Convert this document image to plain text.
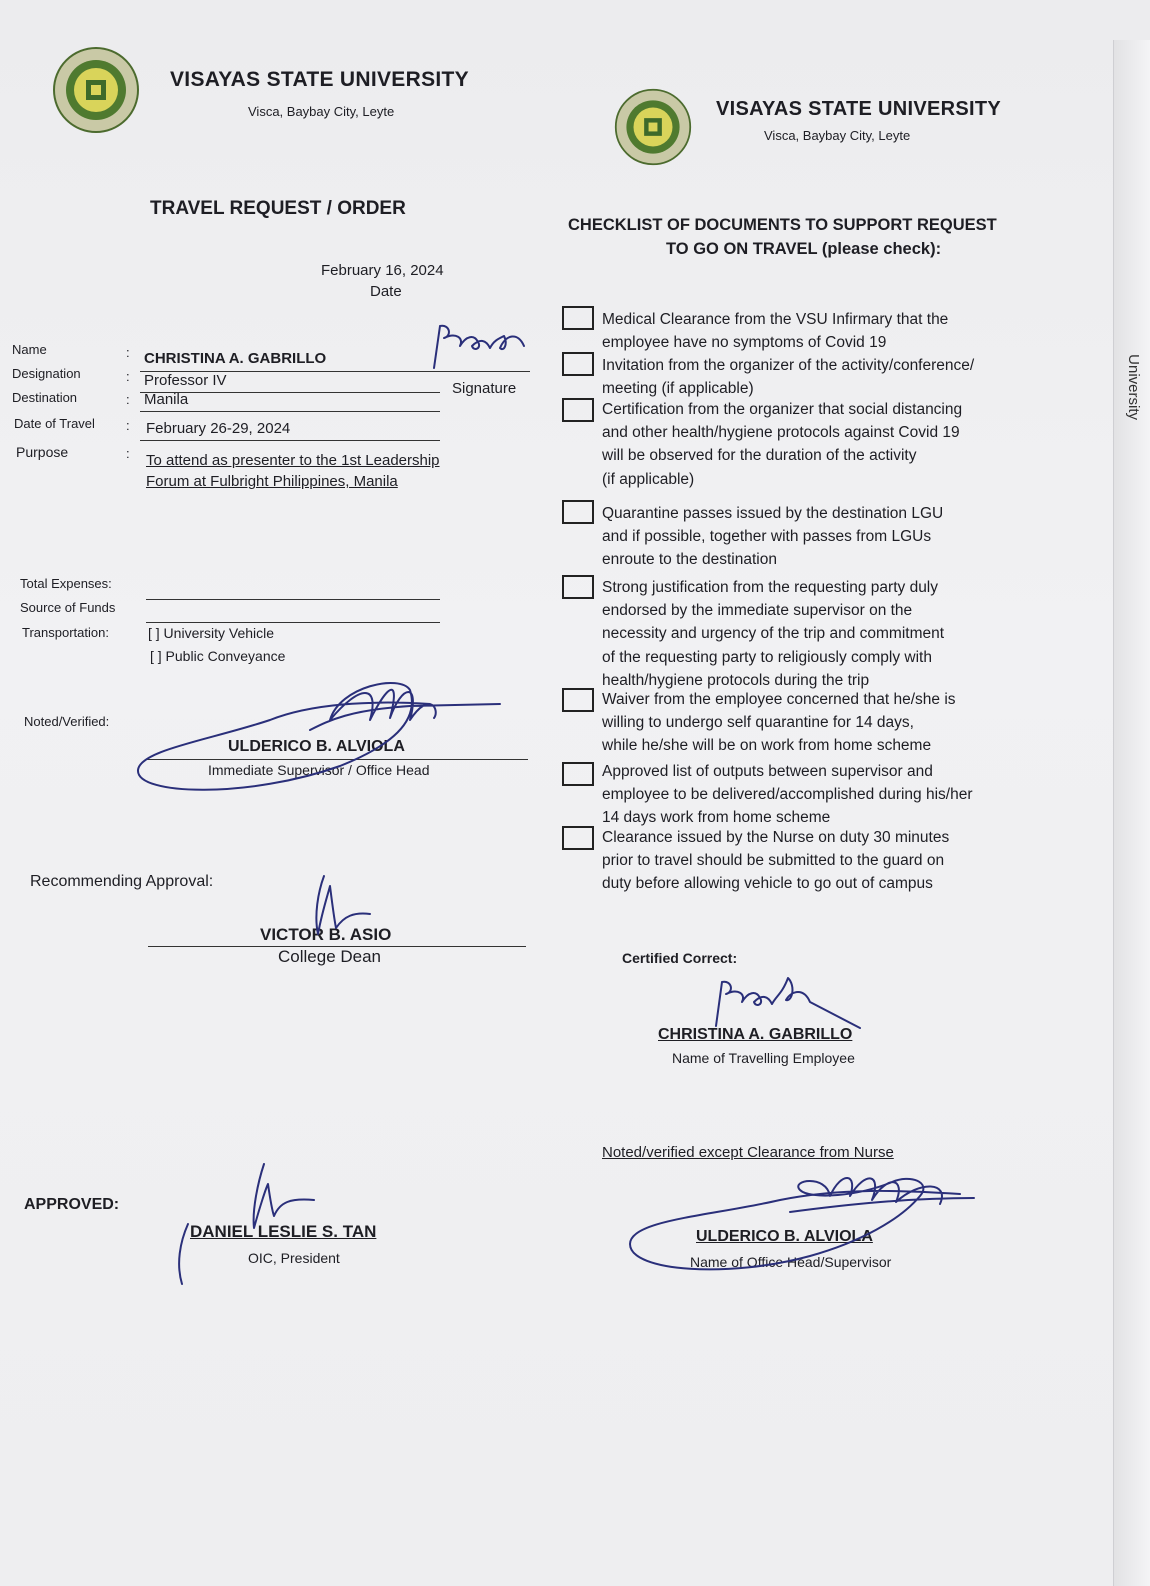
University
VISAYAS STATE UNIVERSITY
Visca, Baybay City, Leyte	VISAYAS STATE UNIVERSITY
Visca, Baybay City, Leyte
TRAVEL REQUEST / ORDER
February 16, 2024
Date
Name	: CHRISTINA A. GABRILLO
Designation	: Professor IV	Signature
Destination	: Manila
Date of Travel : February 26-29, 2024
Purpose	: To attend as presenter to the 1st Leadership
Forum at Fulbright Philippines, Manila
Total Expenses:
Source of Funds
Transportation:	[ ] University Vehicle
[ ] Public Conveyance
Noted/Verified:
ULDERICO B. ALVIOLA
Immediate Supervisor / Office Head
Recommending Approval:
VICTOR B. ASIO
College Dean
APPROVED:
DANIEL LESLIE S. TAN
OIC, President
CHECKLIST OF DOCUMENTS TO SUPPORT REQUEST
TO GO ON TRAVEL (please check):
Medical Clearance from the VSU Infirmary that the
employee have no symptoms of Covid 19
Invitation from the organizer of the activity/conference/
meeting (if applicable)
Certification from the organizer that social distancing
and other health/hygiene protocols against Covid 19
will be observed for the duration of the activity
(if applicable)
Quarantine passes issued by the destination LGU
and if possible, together with passes from LGUs
enroute to the destination
Strong justification from the requesting party duly
endorsed by the immediate supervisor on the
necessity and urgency of the trip and commitment
of the requesting party to religiously comply with
health/hygiene protocols during the trip
Waiver from the employee concerned that he/she is
willing to undergo self quarantine for 14 days,
while he/she will be on work from home scheme
Approved list of outputs between supervisor and
employee to be delivered/accomplished during his/her
14 days work from home scheme
Clearance issued by the Nurse on duty 30 minutes
prior to travel should be submitted to the guard on
duty before allowing vehicle to go out of campus
Certified Correct:
CHRISTINA A. GABRILLO
Name of Travelling Employee
Noted/verified except Clearance from Nurse
ULDERICO B. ALVIOLA
Name of Office Head/Supervisor
